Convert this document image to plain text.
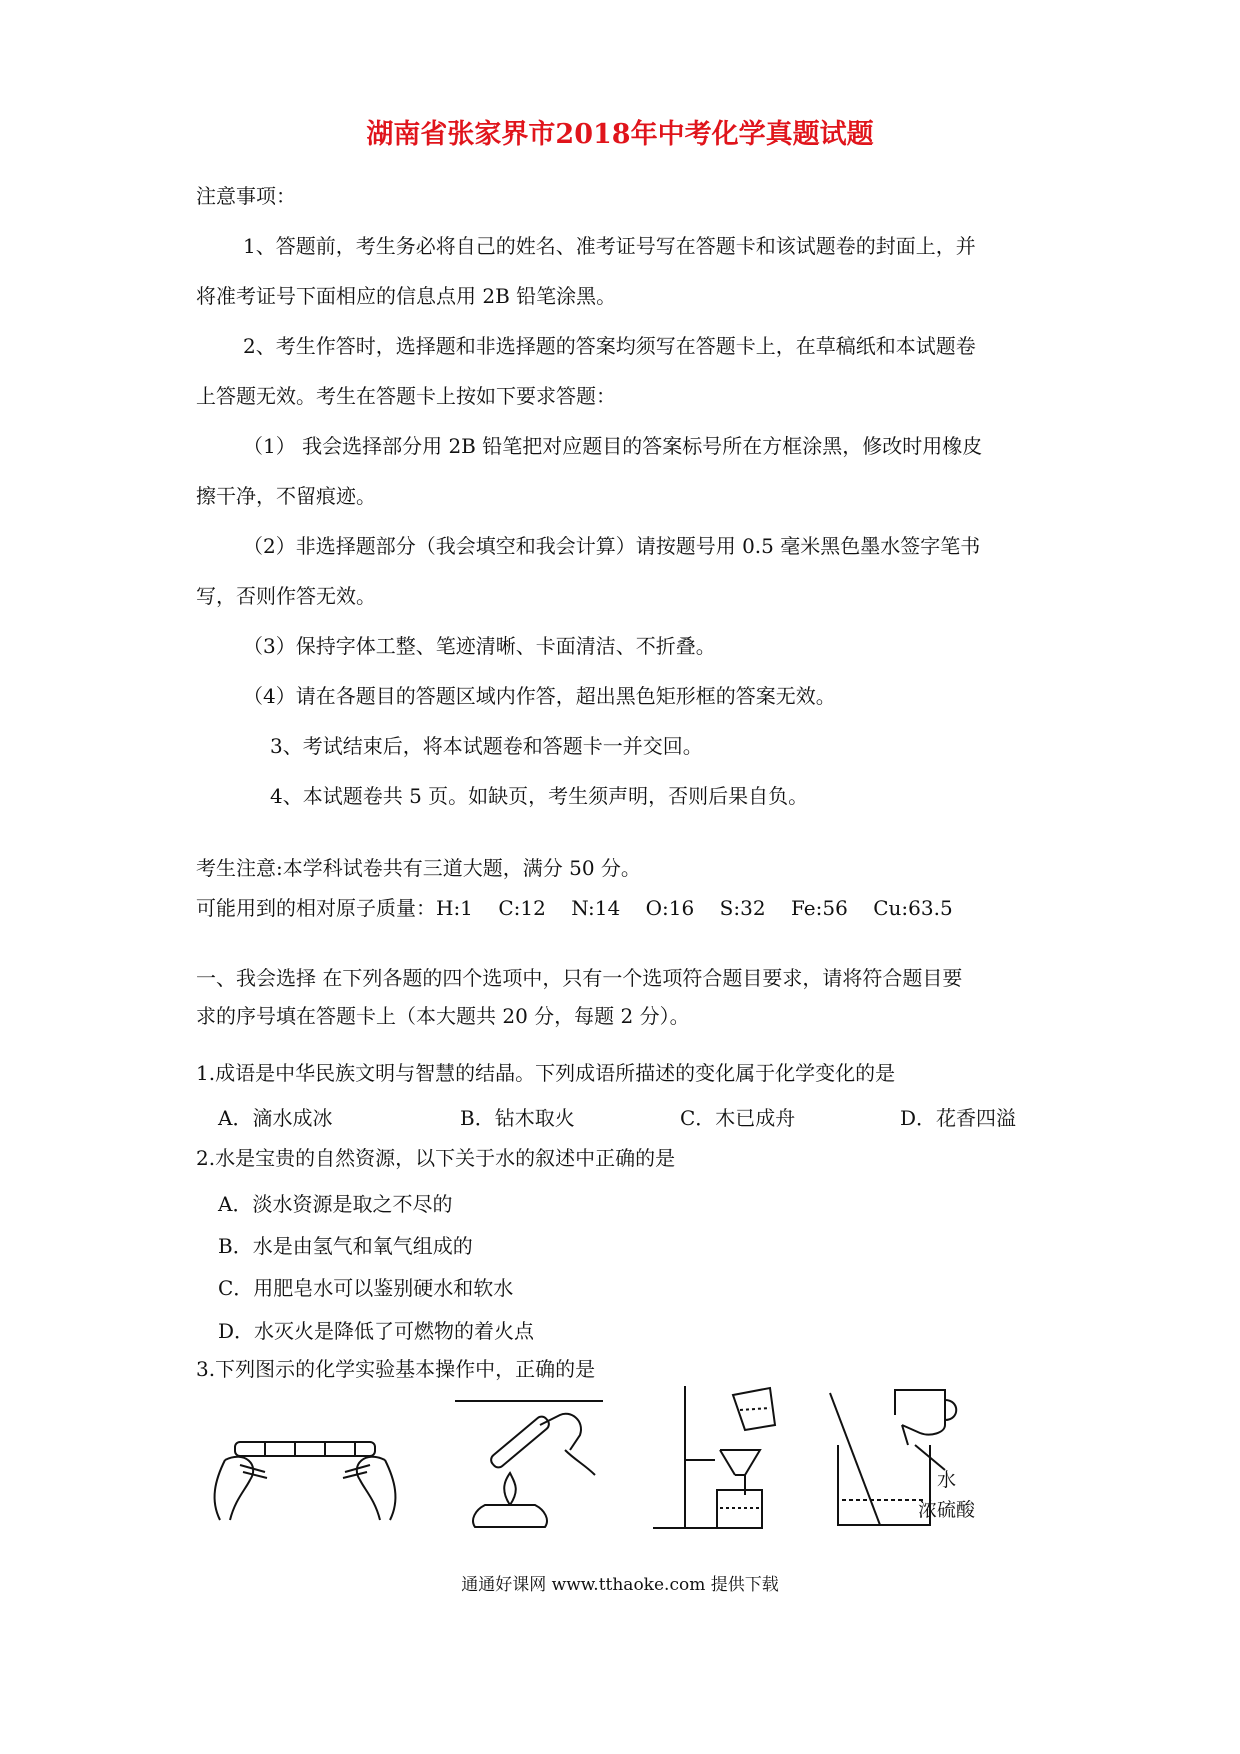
湖南省张家界市2018年中考化学真题试题
注意事项：
1、答题前，考生务必将自己的姓名、准考证号写在答题卡和该试题卷的封面上，并
将准考证号下面相应的信息点用 2B 铅笔涂黑。
2、考生作答时，选择题和非选择题的答案均须写在答题卡上，在草稿纸和本试题卷
上答题无效。考生在答题卡上按如下要求答题：
（1） 我会选择部分用 2B 铅笔把对应题目的答案标号所在方框涂黑，修改时用橡皮
擦干净，不留痕迹。
（2）非选择题部分（我会填空和我会计算）请按题号用 0.5 毫米黑色墨水签字笔书
写，否则作答无效。
（3）保持字体工整、笔迹清晰、卡面清洁、不折叠。
（4）请在各题目的答题区域内作答，超出黑色矩形框的答案无效。
3、考试结束后，将本试题卷和答题卡一并交回。
4、本试题卷共 5 页。如缺页，考生须声明，否则后果自负。
考生注意:本学科试卷共有三道大题，满分 50 分。
可能用到的相对原子质量：H:1    C:12    N:14    O:16    S:32    Fe:56    Cu:63.5
一、我会选择 在下列各题的四个选项中，只有一个选项符合题目要求，请将符合题目要
求的序号填在答题卡上（本大题共 20 分，每题 2 分）。
1.成语是中华民族文明与智慧的结晶。下列成语所描述的变化属于化学变化的是
A．滴水成冰	B．钻木取火	C．木已成舟	D．花香四溢
2.水是宝贵的自然资源，以下关于水的叙述中正确的是
A．淡水资源是取之不尽的
B．水是由氢气和氧气组成的
C．用肥皂水可以鉴别硬水和软水
D．水灭火是降低了可燃物的着火点
3.下列图示的化学实验基本操作中，正确的是
水
浓硫酸
通通好课网 www.tthaoke.com 提供下载
